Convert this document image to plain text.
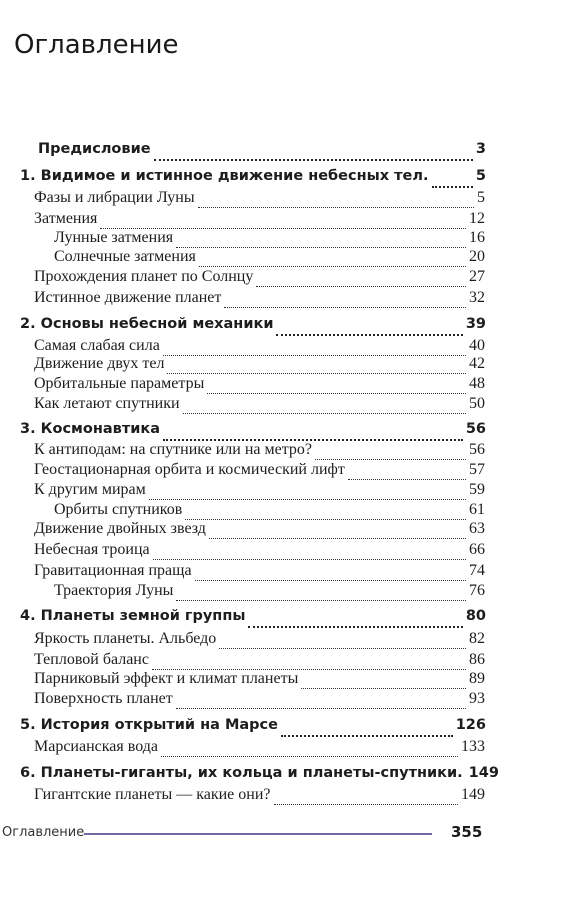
Оглавление
Предисловие	3
1. Видимое и истинное движение небесных тел.	5
Фазы и либрации Луны	5
Затмения	12
Лунные затмения	16
Солнечные затмения	20
Прохождения планет по Солнцу	27
Истинное движение планет	32
2. Основы небесной механики	39
Самая слабая сила	40
Движение двух тел	42
Орбитальные параметры	48
Как летают спутники	50
3. Космонавтика	56
К антиподам: на спутнике или на метро?	56
Геостационарная орбита и космический лифт	57
К другим мирам	59
Орбиты спутников	61
Движение двойных звезд	63
Небесная троица	66
Гравитационная праща	74
Траектория Луны	76
4. Планеты земной группы	80
Яркость планеты. Альбедо	82
Тепловой баланс	86
Парниковый эффект и климат планеты	89
Поверхность планет	93
5. История открытий на Марсе	126
Марсианская вода	133
6. Планеты-гиганты, их кольца и планеты-спутники. 149
Гигантские планеты — какие они?	149
Оглавление	355
